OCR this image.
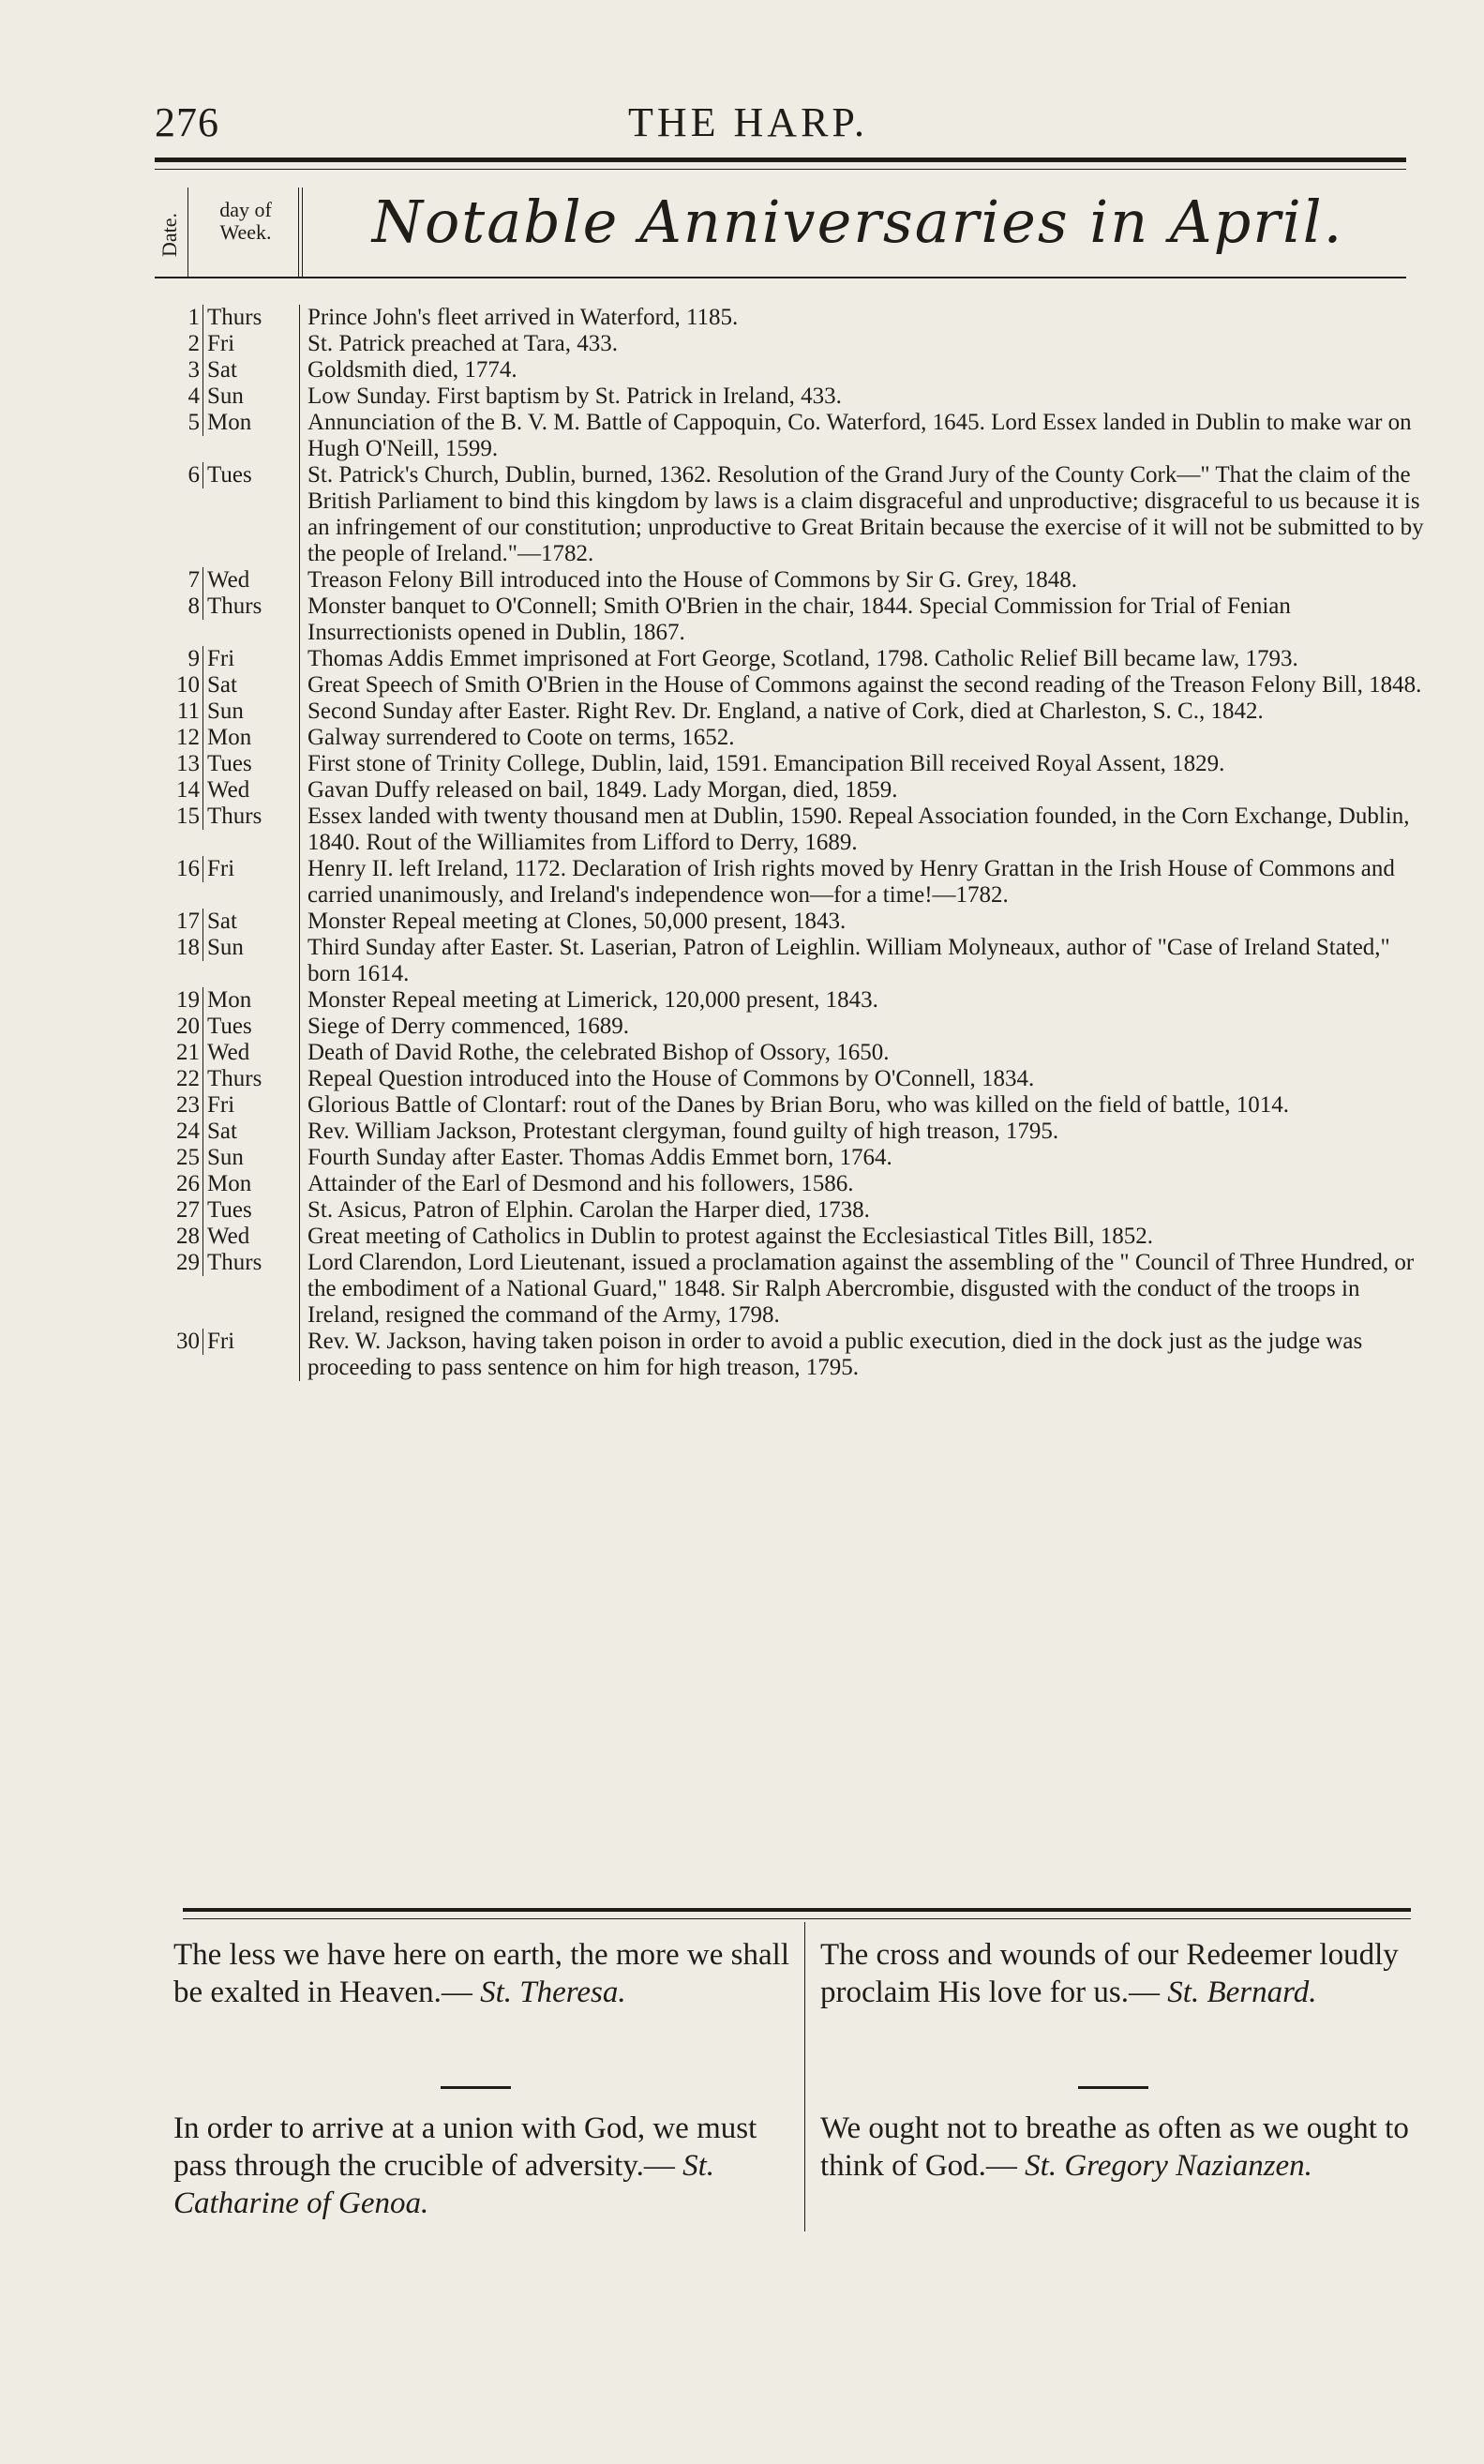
276	THE HARP.
Date.
day of Week.	Notable Anniversaries in April.
1 Thurs	Prince John's fleet arrived in Waterford, 1185.
2 Fri	St. Patrick preached at Tara, 433.
3 Sat	Goldsmith died, 1774.
4 Sun	Low Sunday. First baptism by St. Patrick in Ireland, 433.
5 Mon	Annunciation of the B. V. M. Battle of Cappoquin, Co. Waterford, 1645. Lord Essex landed in Dublin to make war on Hugh O'Neill, 1599.
6 Tues	St. Patrick's Church, Dublin, burned, 1362. Resolution of the Grand Jury of the County Cork—" That the claim of the British Parliament to bind this kingdom by laws is a claim disgraceful and unproductive; disgraceful to us because it is an infringement of our constitution; unproductive to Great Britain because the exercise of it will not be submitted to by the people of Ireland."—1782.
7 Wed	Treason Felony Bill introduced into the House of Commons by Sir G. Grey, 1848.
8 Thurs	Monster banquet to O'Connell; Smith O'Brien in the chair, 1844. Special Commission for Trial of Fenian Insurrectionists opened in Dublin, 1867.
9 Fri	Thomas Addis Emmet imprisoned at Fort George, Scotland, 1798. Catholic Relief Bill became law, 1793.
10 Sat	Great Speech of Smith O'Brien in the House of Commons against the second reading of the Treason Felony Bill, 1848.
11 Sun	Second Sunday after Easter. Right Rev. Dr. England, a native of Cork, died at Charleston, S. C., 1842.
12 Mon	Galway surrendered to Coote on terms, 1652.
13 Tues	First stone of Trinity College, Dublin, laid, 1591. Emancipation Bill received Royal Assent, 1829.
14 Wed	Gavan Duffy released on bail, 1849. Lady Morgan, died, 1859.
15 Thurs	Essex landed with twenty thousand men at Dublin, 1590. Repeal Association founded, in the Corn Exchange, Dublin, 1840. Rout of the Williamites from Lifford to Derry, 1689.
16 Fri	Henry II. left Ireland, 1172. Declaration of Irish rights moved by Henry Grattan in the Irish House of Commons and carried unanimously, and Ireland's independence won—for a time!—1782.
17 Sat	Monster Repeal meeting at Clones, 50,000 present, 1843.
18 Sun	Third Sunday after Easter. St. Laserian, Patron of Leighlin. William Molyneaux, author of "Case of Ireland Stated," born 1614.
19 Mon	Monster Repeal meeting at Limerick, 120,000 present, 1843.
20 Tues	Siege of Derry commenced, 1689.
21 Wed	Death of David Rothe, the celebrated Bishop of Ossory, 1650.
22 Thurs	Repeal Question introduced into the House of Commons by O'Connell, 1834.
23 Fri	Glorious Battle of Clontarf: rout of the Danes by Brian Boru, who was killed on the field of battle, 1014.
24 Sat	Rev. William Jackson, Protestant clergyman, found guilty of high treason, 1795.
25 Sun	Fourth Sunday after Easter. Thomas Addis Emmet born, 1764.
26 Mon	Attainder of the Earl of Desmond and his followers, 1586.
27 Tues	St. Asicus, Patron of Elphin. Carolan the Harper died, 1738.
28 Wed	Great meeting of Catholics in Dublin to protest against the Ecclesiastical Titles Bill, 1852.
29 Thurs	Lord Clarendon, Lord Lieutenant, issued a proclamation against the assembling of the " Council of Three Hundred, or the embodiment of a National Guard," 1848. Sir Ralph Abercrombie, disgusted with the conduct of the troops in Ireland, resigned the command of the Army, 1798.
30 Fri	Rev. W. Jackson, having taken poison in order to avoid a public execution, died in the dock just as the judge was proceeding to pass sentence on him for high treason, 1795.
The less we have here on earth, the more we shall be exalted in Heaven.— St. Theresa.
The cross and wounds of our Redeemer loudly proclaim His love for us.— St. Bernard.
In order to arrive at a union with God, we must pass through the crucible of adversity.— St. Catharine of Genoa.
We ought not to breathe as often as we ought to think of God.— St. Gregory Nazianzen.
